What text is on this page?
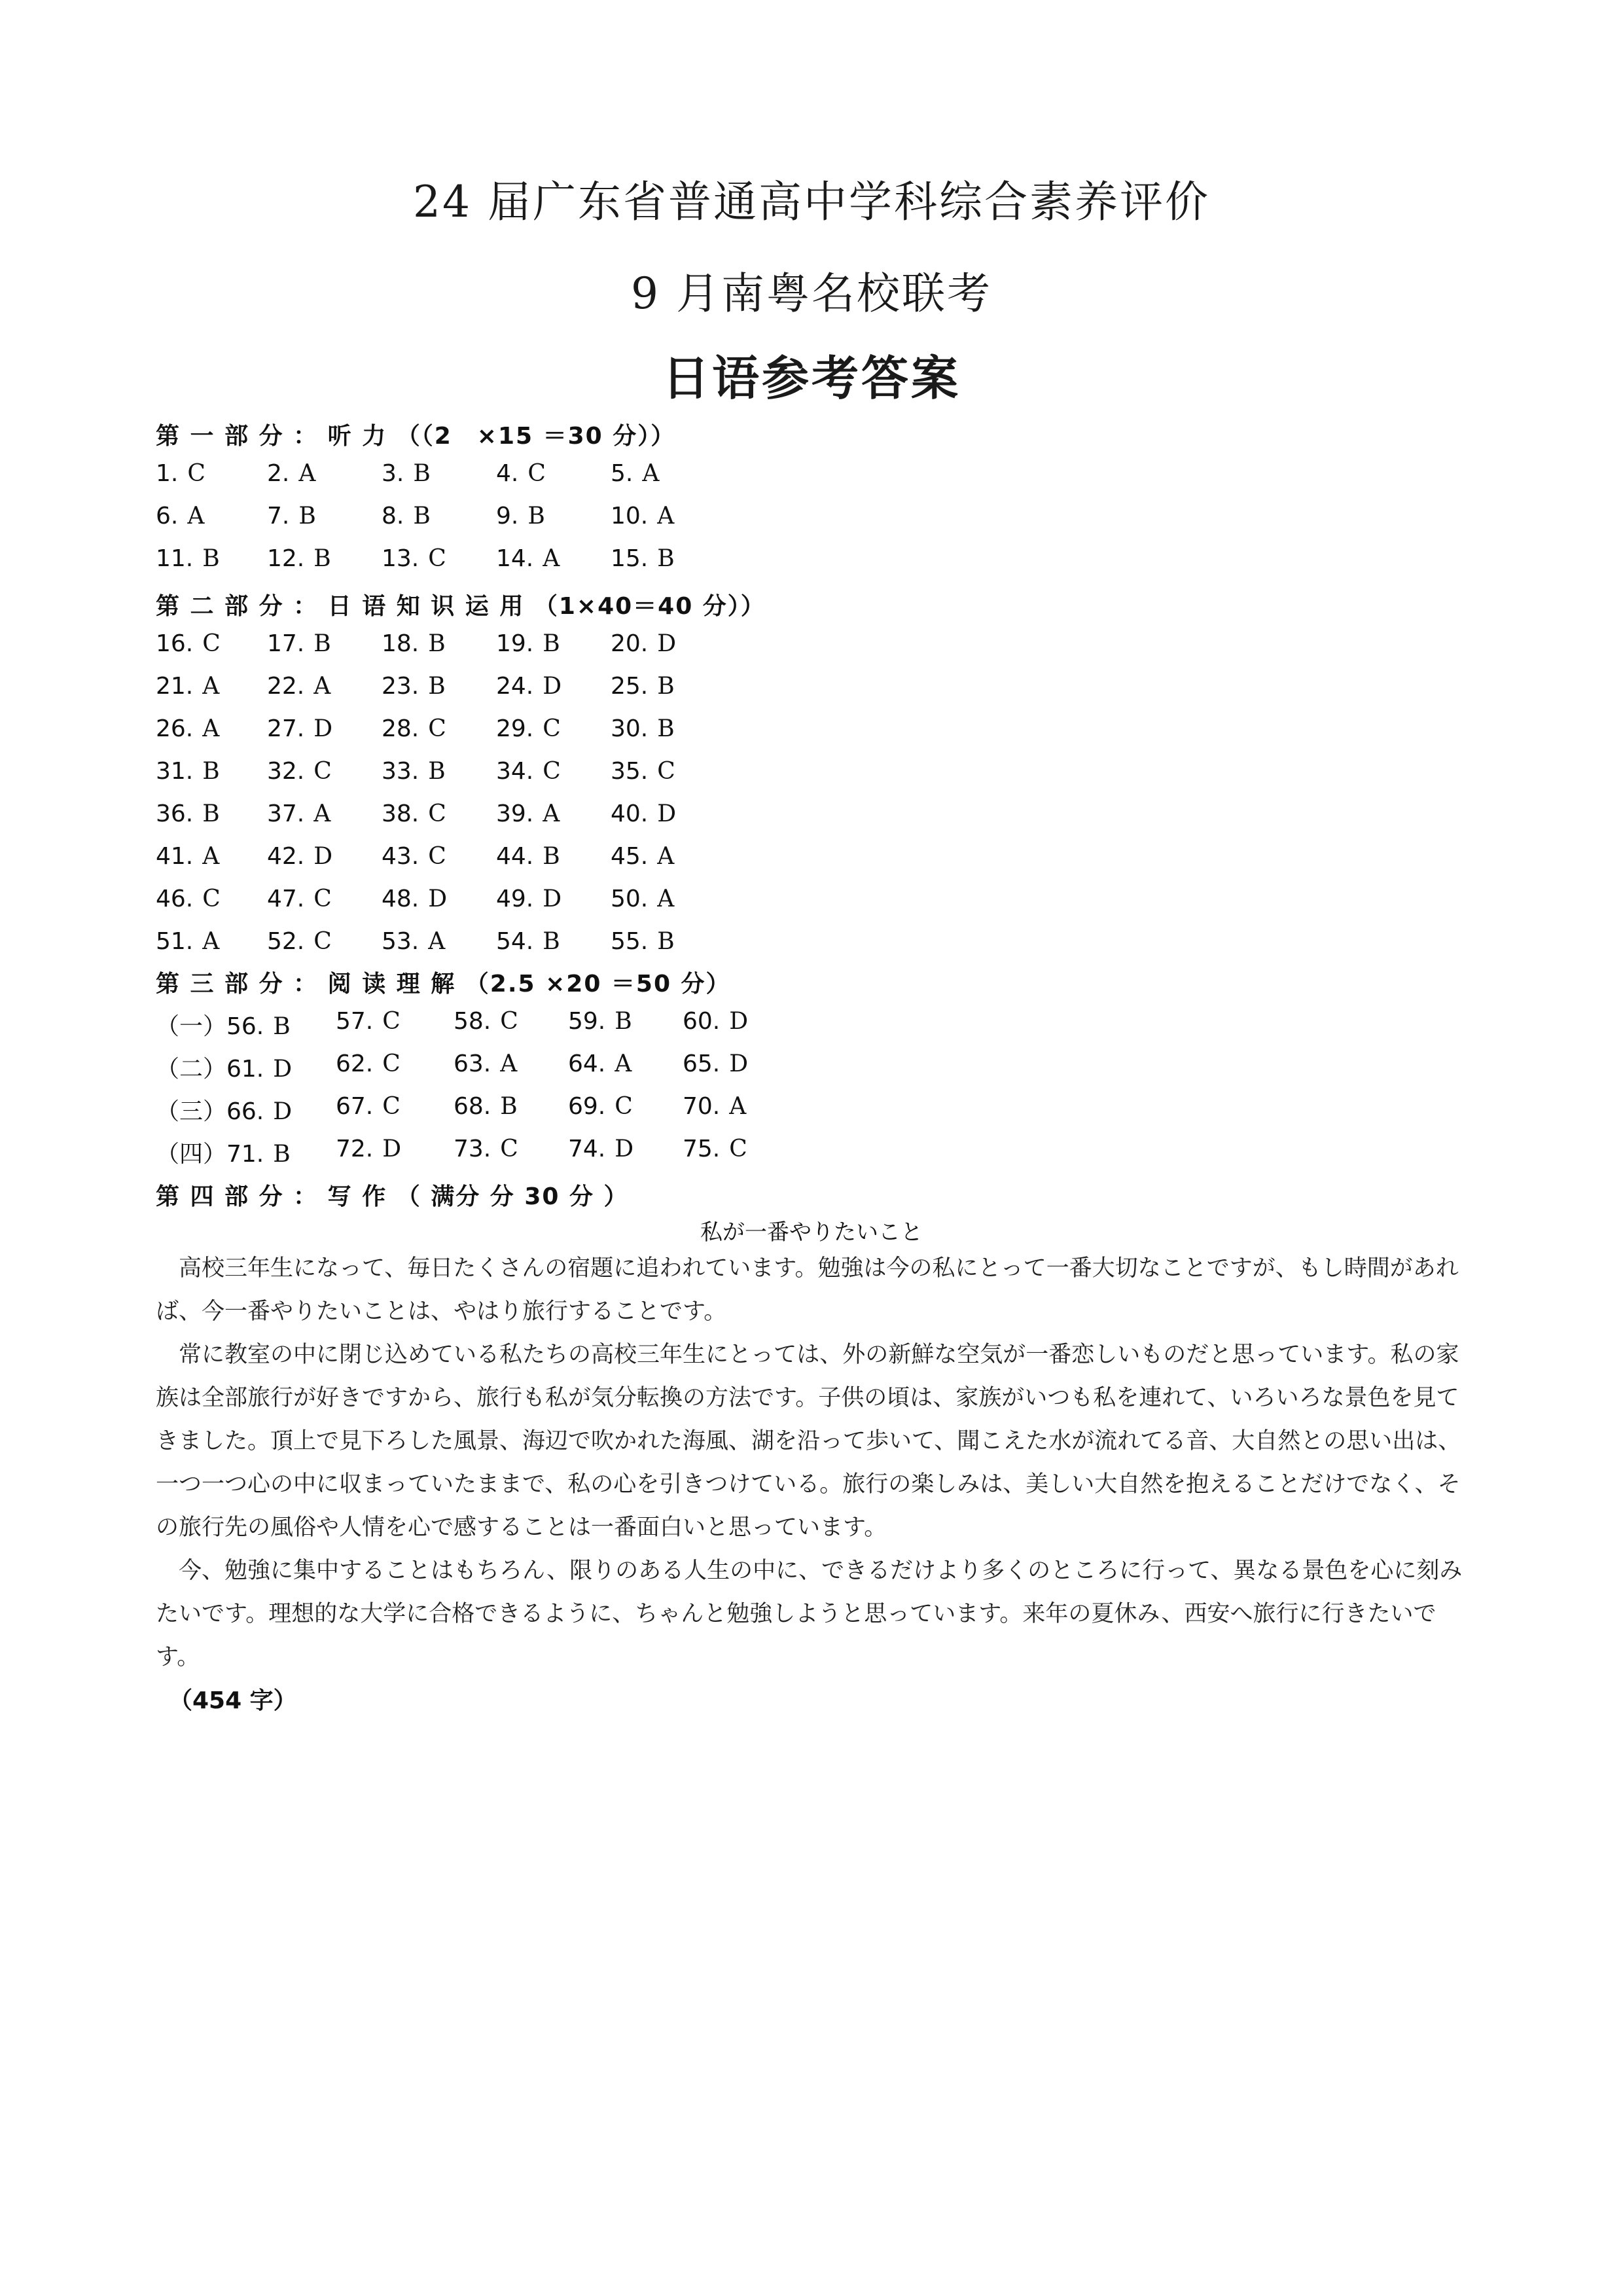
24 届广东省普通高中学科综合素养评价
9 月南粤名校联考
日语参考答案
第 一 部 分 ： 听 力 （（2　×15 ＝30 分））
1. C	2. A	3. B	4. C	5. A
6. A	7. B	8. B	9. B	10. A
11. B 12. B 13. C 14. A 15. B
第 二 部 分 ： 日 语 知 识 运 用 （1×40＝40 分））
16. C 17. B 18. B 19. B 20. D
21. A 22. A 23. B 24. D 25. B
26. A 27. D 28. C 29. C 30. B
31. B 32. C 33. B 34. C 35. C
36. B 37. A 38. C 39. A 40. D
41. A 42. D 43. C 44. B 45. A
46. C 47. C 48. D 49. D 50. A
51. A 52. C 53. A 54. B 55. B
第 三 部 分 ： 阅 读 理 解 （2.5 ×20 ＝50 分）
（一）56. B 57. C 58. C 59. B 60. D
（二）61. D 62. C 63. A 64. A 65. D
（三）66. D 67. C 68. B 69. C 70. A
（四）71. B 72. D 73. C 74. D 75. C
第 四 部 分 ： 写 作 （ 满分 分 30 分 ）
私が一番やりたいこと

高校三年生になって、毎日たくさんの宿題に追われています。勉強は今の私にとって一番大切なことですが、もし時間があれば、今一番やりたいことは、やはり旅行することです。

常に教室の中に閉じ込めている私たちの高校三年生にとっては、外の新鮮な空気が一番恋しいものだと思っています。私の家族は全部旅行が好きですから、旅行も私が気分転換の方法です。子供の頃は、家族がいつも私を連れて、いろいろな景色を見てきました。頂上で見下ろした風景、海辺で吹かれた海風、湖を沿って歩いて、聞こえた水が流れてる音、大自然との思い出は、一つ一つ心の中に収まっていたままで、私の心を引きつけている。旅行の楽しみは、美しい大自然を抱えることだけでなく、その旅行先の風俗や人情を心で感することは一番面白いと思っています。

今、勉強に集中することはもちろん、限りのある人生の中に、できるだけより多くのところに行って、異なる景色を心に刻みたいです。理想的な大学に合格できるように、ちゃんと勉強しようと思っています。来年の夏休み、西安へ旅行に行きたいです。

（454 字）
